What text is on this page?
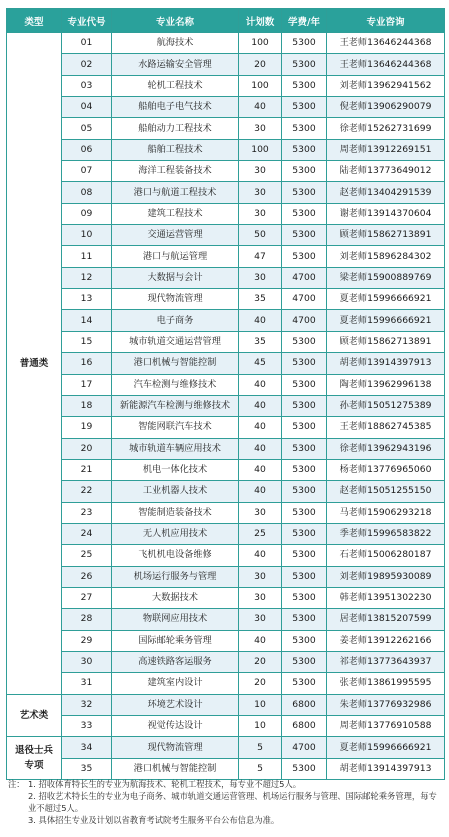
类型	专业代号	专业名称	计划数	学费/年	专业咨询
普通类	01	航海技术	100	5300	王老师13646244368
	02	水路运输安全管理	20	5300	王老师13646244368
	03	轮机工程技术	100	5300	刘老师13962941562
	04	船舶电子电气技术	40	5300	倪老师13906290079
	05	船舶动力工程技术	30	5300	徐老师15262731699
	06	船舶工程技术	100	5300	周老师13912269151
	07	海洋工程装备技术	30	5300	陆老师13773649012
	08	港口与航道工程技术	30	5300	赵老师13404291539
	09	建筑工程技术	30	5300	谢老师13914370604
	10	交通运营管理	50	5300	顾老师15862713891
	11	港口与航运管理	47	5300	刘老师15896284302
	12	大数据与会计	30	4700	梁老师15900889769
	13	现代物流管理	35	4700	夏老师15996666921
	14	电子商务	40	4700	夏老师15996666921
	15	城市轨道交通运营管理	35	5300	顾老师15862713891
	16	港口机械与智能控制	45	5300	胡老师13914397913
	17	汽车检测与维修技术	40	5300	陶老师13962996138
	18	新能源汽车检测与维修技术	40	5300	孙老师15051275389
	19	智能网联汽车技术	40	5300	王老师18862745385
	20	城市轨道车辆应用技术	40	5300	徐老师13962943196
	21	机电一体化技术	40	5300	杨老师13776965060
	22	工业机器人技术	40	5300	赵老师15051255150
	23	智能制造装备技术	30	5300	马老师15906293218
	24	无人机应用技术	25	5300	季老师15996583822
	25	飞机机电设备维修	40	5300	石老师15006280187
	26	机场运行服务与管理	30	5300	刘老师19895930089
	27	大数据技术	30	5300	韩老师13951302230
	28	物联网应用技术	30	5300	居老师13815207599
	29	国际邮轮乘务管理	40	5300	姜老师13912262166
	30	高速铁路客运服务	20	5300	祁老师13773643937
	31	建筑室内设计	20	5300	张老师13861995595
艺术类	32	环境艺术设计	10	6800	朱老师13776932986
	33	视觉传达设计	10	6800	周老师13776910588
退役士兵专项	34	现代物流管理	5	4700	夏老师15996666921
	35	港口机械与智能控制	5	5300	胡老师13914397913
注： 1. 招收体育特长生的专业为航海技术、轮机工程技术，每专业不超过5人。
2. 招收艺术特长生的专业为电子商务、城市轨道交通运营管理、机场运行服务与管理、国际邮轮乘务管理，每专业不超过5人。
3. 具体招生专业及计划以省教育考试院考生服务平台公布信息为准。
